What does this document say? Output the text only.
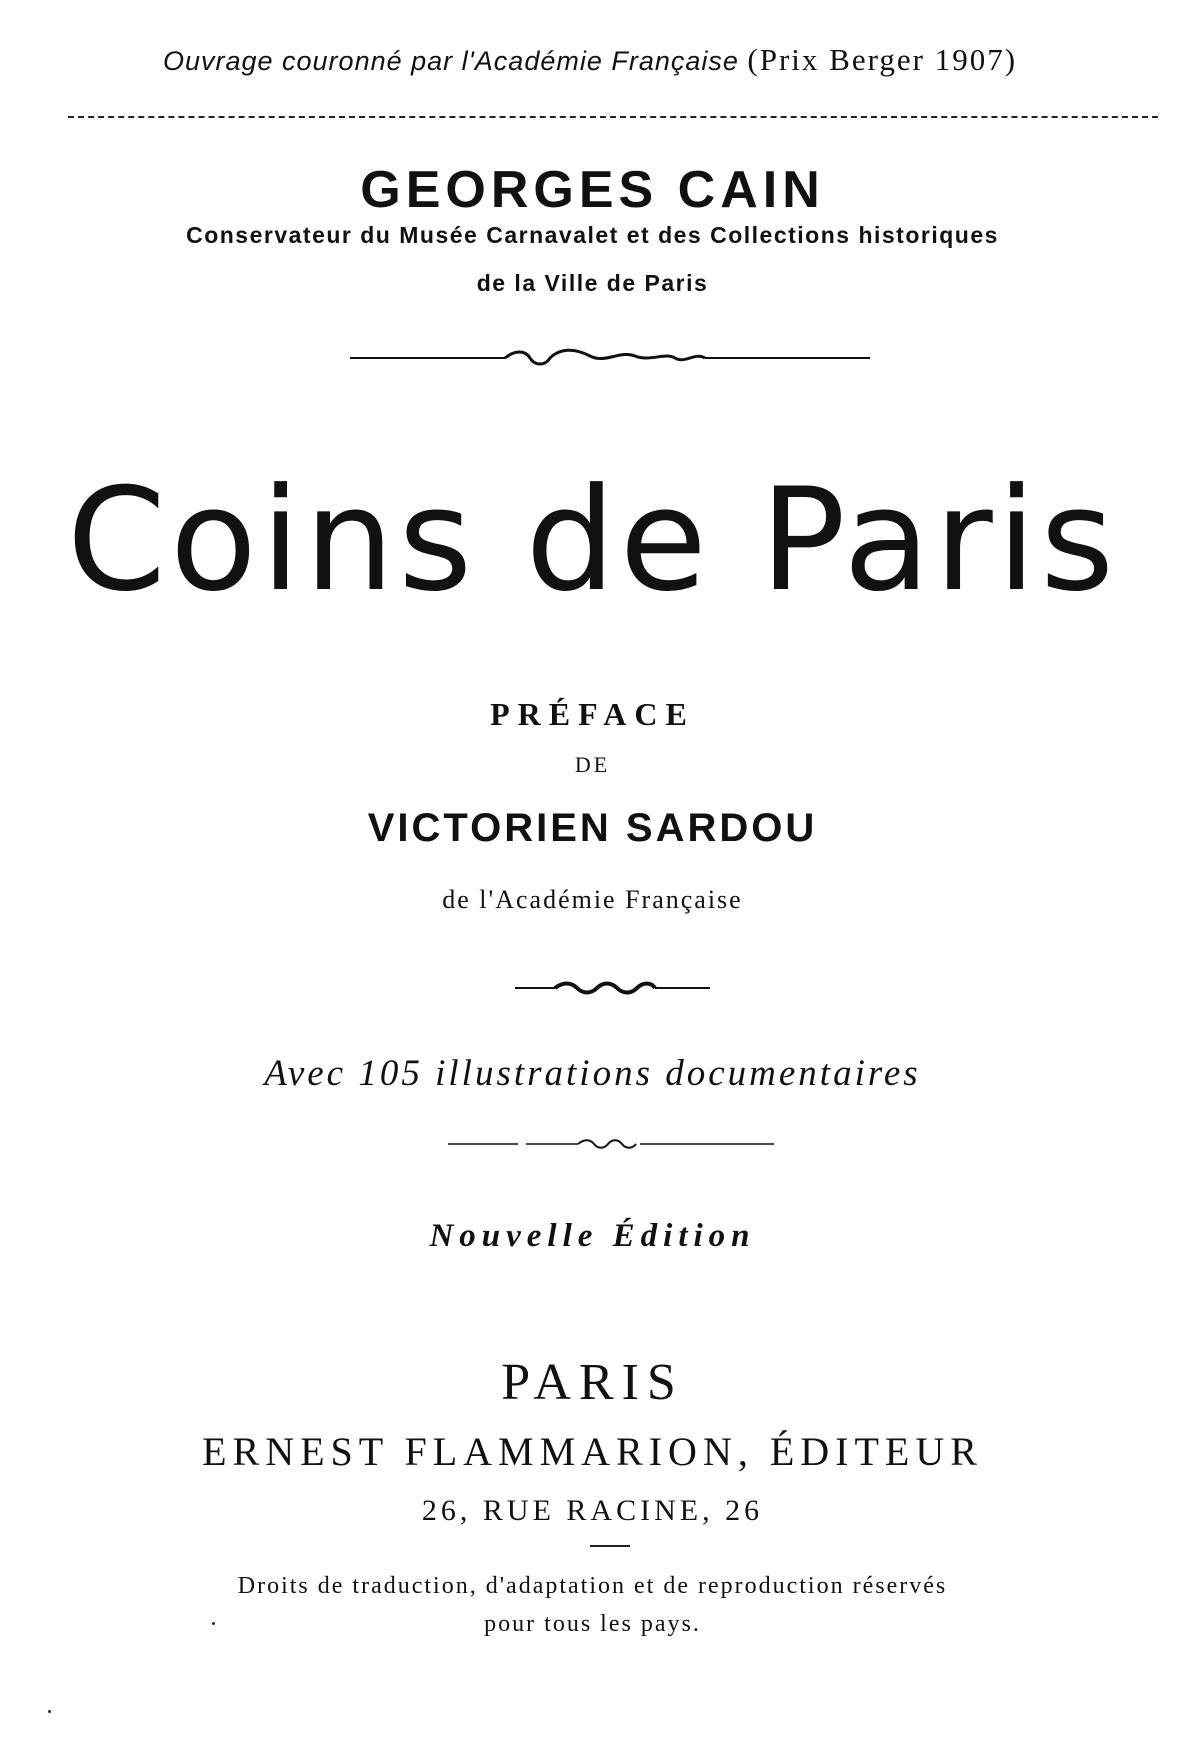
Ouvrage couronné par l'Académie Française (Prix Berger 1907)
GEORGES CAIN
Conservateur du Musée Carnavalet et des Collections historiques
de la Ville de Paris
Coins de Paris
PRÉFACE
DE
VICTORIEN SARDOU
de l'Académie Française
Avec 105 illustrations documentaires
Nouvelle Édition
PARIS
ERNEST FLAMMARION, ÉDITEUR
26, RUE RACINE, 26
Droits de traduction, d'adaptation et de reproduction réservés
pour tous les pays.
